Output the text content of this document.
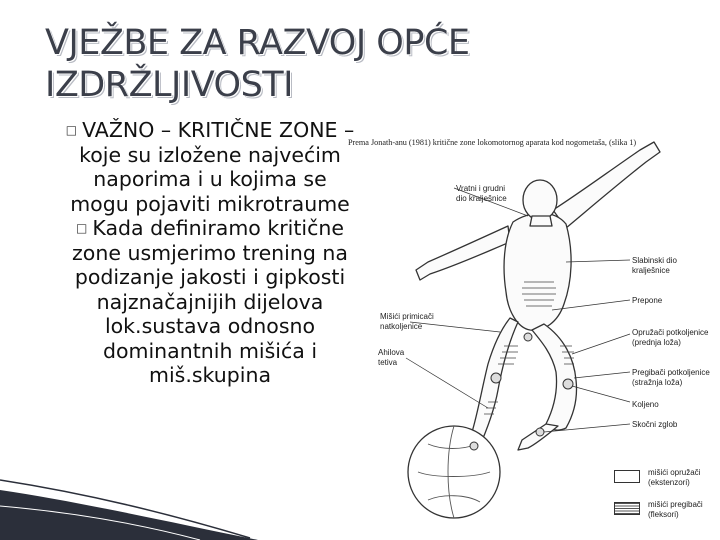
VJEŽBE ZA RAZVOJ OPĆE
IZDRŽLJIVOSTI
□ VAŽNO – KRITIČNE ZONE – koje su izložene najvećim naporima i u kojima se mogu pojaviti mikrotraume
□ Kada definiramo kritične zone usmjerimo trening na podizanje jakosti i gipkosti najznačajnijih dijelova lok.sustava odnosno dominantnih mišića i miš.skupina
Prema Jonath-anu (1981) kritične zone lokomotornog aparata kod nogometaša, (slika 1)
Vratni i grudni
dio kralješnice
Slabinski dio
kralješnice
Prepone
Mišići primicači
natkoljenice
Opružači potkoljenice
(prednja loža)
Ahilova
tetiva
Pregibači potkoljenice
(stražnja loža)
Koljeno
Skočni zglob
mišići opružači
(ekstenzori)
mišići pregibači
(fleksori)
